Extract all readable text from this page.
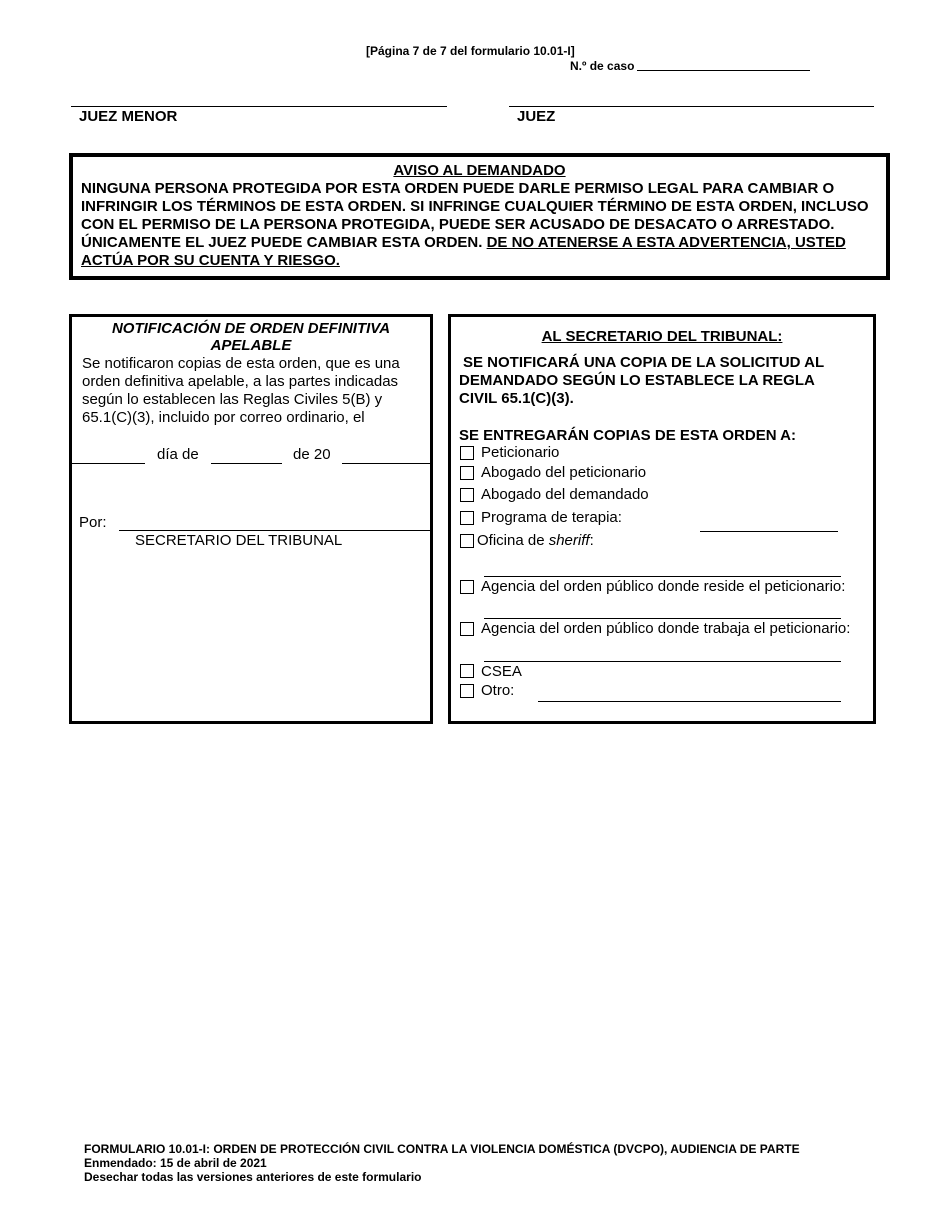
[Página 7 de 7 del formulario 10.01-I]
N.º de caso
JUEZ MENOR	JUEZ
AVISO AL DEMANDADO
NINGUNA PERSONA PROTEGIDA POR ESTA ORDEN PUEDE DARLE PERMISO LEGAL PARA CAMBIAR O INFRINGIR LOS TÉRMINOS DE ESTA ORDEN. SI INFRINGE CUALQUIER TÉRMINO DE ESTA ORDEN, INCLUSO CON EL PERMISO DE LA PERSONA PROTEGIDA, PUEDE SER ACUSADO DE DESACATO O ARRESTADO. ÚNICAMENTE EL JUEZ PUEDE CAMBIAR ESTA ORDEN. DE NO ATENERSE A ESTA ADVERTENCIA, USTED ACTÚA POR SU CUENTA Y RIESGO.
NOTIFICACIÓN DE ORDEN DEFINITIVA
APELABLE
Se notificaron copias de esta orden, que es una
orden definitiva apelable, a las partes indicadas
según lo establecen las Reglas Civiles 5(B) y
65.1(C)(3), incluido por correo ordinario, el
día de	de 20
Por:
SECRETARIO DEL TRIBUNAL
AL SECRETARIO DEL TRIBUNAL:
SE NOTIFICARÁ UNA COPIA DE LA SOLICITUD AL
DEMANDADO SEGÚN LO ESTABLECE LA REGLA
CIVIL 65.1(C)(3).
SE ENTREGARÁN COPIAS DE ESTA ORDEN A:
Peticionario
Abogado del peticionario
Abogado del demandado
Programa de terapia:
Oficina de sheriff:
Agencia del orden público donde reside el peticionario:
Agencia del orden público donde trabaja el peticionario:
CSEA
Otro:
FORMULARIO 10.01-I: ORDEN DE PROTECCIÓN CIVIL CONTRA LA VIOLENCIA DOMÉSTICA (DVCPO), AUDIENCIA DE PARTE
Enmendado: 15 de abril de 2021
Desechar todas las versiones anteriores de este formulario
